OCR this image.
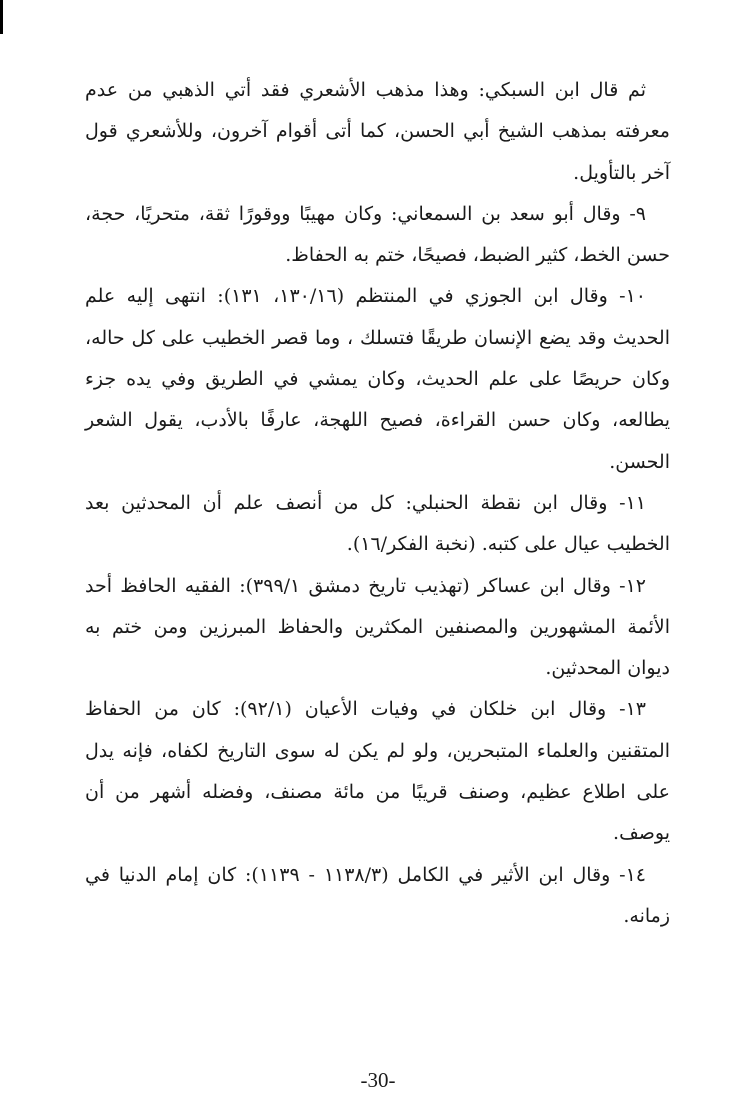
ثم قال ابن السبكي: وهذا مذهب الأشعري فقد أتي الذهبي من عدم معرفته بمذهب الشيخ أبي الحسن، كما أتى أقوام آخرون، وللأشعري قول آخر بالتأويل.

٩- وقال أبو سعد بن السمعاني: وكان مهيبًا ووقورًا ثقة، متحريًا، حجة، حسن الخط، كثير الضبط، فصيحًا، ختم به الحفاظ.

١٠- وقال ابن الجوزي في المنتظم (١٣٠/١٦، ١٣١): انتهى إليه علم الحديث وقد يضع الإنسان طريقًا فتسلك ، وما قصر الخطيب على كل حاله، وكان حريصًا على علم الحديث، وكان يمشي في الطريق وفي يده جزء يطالعه، وكان حسن القراءة، فصيح اللهجة، عارفًا بالأدب، يقول الشعر الحسن.

١١- وقال ابن نقطة الحنبلي: كل من أنصف علم أن المحدثين بعد الخطيب عيال على كتبه. (نخبة الفكر/١٦).

١٢- وقال ابن عساكر (تهذيب تاريخ دمشق ٣٩٩/١): الفقيه الحافظ أحد الأئمة المشهورين والمصنفين المكثرين والحفاظ المبرزين ومن ختم به ديوان المحدثين.

١٣- وقال ابن خلكان في وفيات الأعيان (٩٢/١): كان من الحفاظ المتقنين والعلماء المتبحرين، ولو لم يكن له سوى التاريخ لكفاه، فإنه يدل على اطلاع عظيم، وصنف قريبًا من مائة مصنف، وفضله أشهر من أن يوصف.

١٤- وقال ابن الأثير في الكامل (١١٣٨/٣ - ١١٣٩): كان إمام الدنيا في زمانه.

-30-
